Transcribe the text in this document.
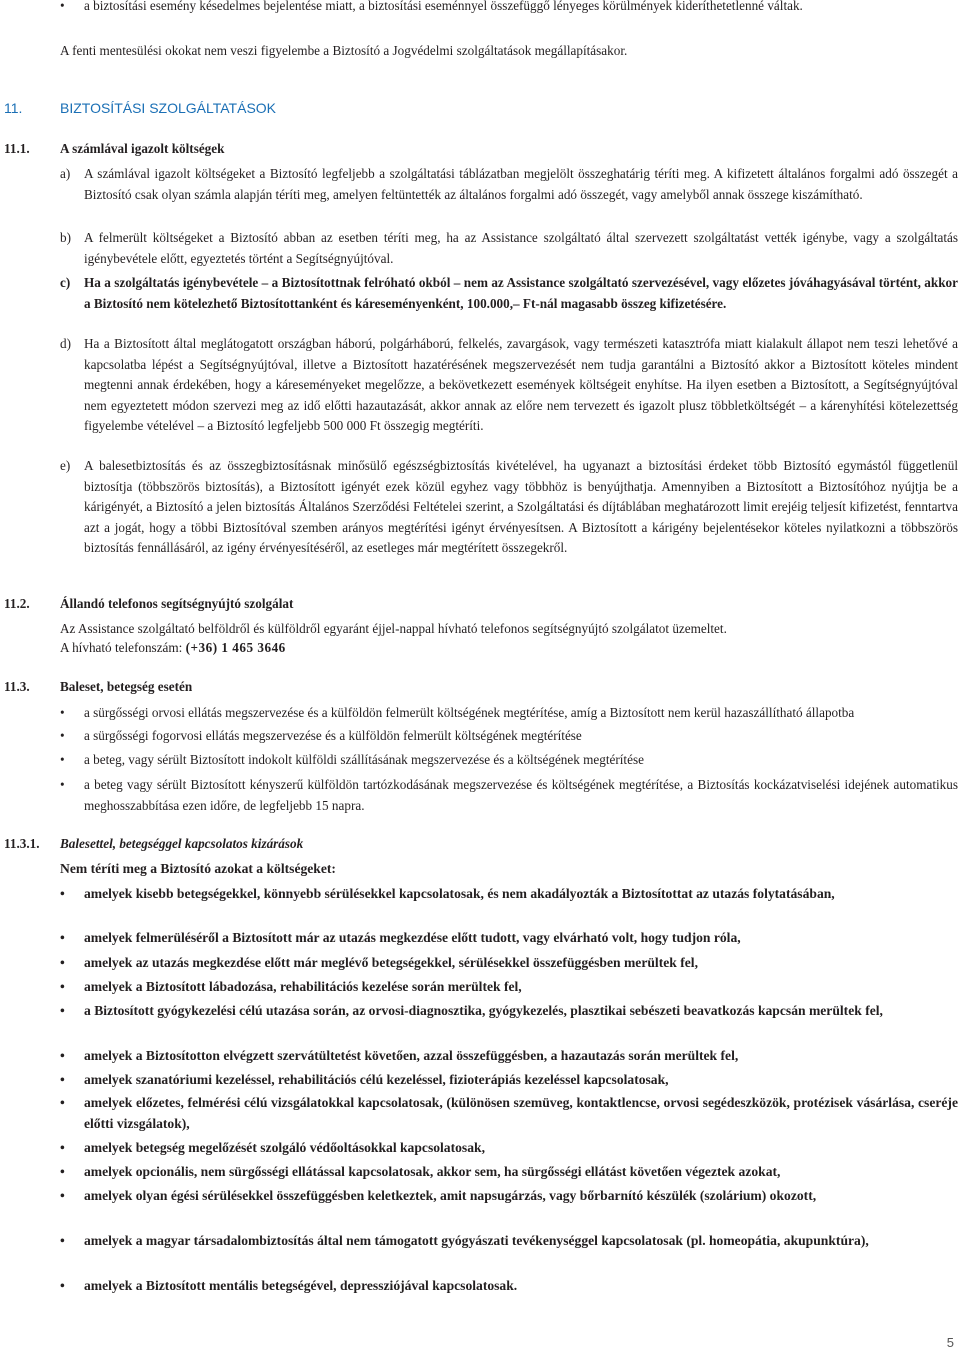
• a biztosítási esemény késedelmes bejelentése miatt, a biztosítási eseménnyel összefüggő lényeges körülmények kideríthetetlenné váltak.
A fenti mentesülési okokat nem veszi figyelembe a Biztosító a Jogvédelmi szolgáltatások megállapításakor.
11.	BIZTOSÍTÁSI SZOLGÁLTATÁSOK
11.1. A számlával igazolt költségek
a) A számlával igazolt költségeket a Biztosító legfeljebb a szolgáltatási táblázatban megjelölt összeghatárig téríti meg. A kifizetett általános forgalmi adó összegét a Biztosító csak olyan számla alapján téríti meg, amelyen feltüntették az általános forgalmi adó összegét, vagy amelyből annak összege kiszámítható.
b) A felmerült költségeket a Biztosító abban az esetben téríti meg, ha az Assistance szolgáltató által szervezett szolgáltatást vették igénybe, vagy a szolgáltatás igénybevétele előtt, egyeztetés történt a Segítségnyújtóval.
c) Ha a szolgáltatás igénybevétele – a Biztosítottnak felróható okból – nem az Assistance szolgáltató szervezésével, vagy előzetes jóváhagyásával történt, akkor a Biztosító nem kötelezhető Biztosítottanként és káreseményenként, 100.000,– Ft-nál magasabb összeg kifizetésére.
d) Ha a Biztosított által meglátogatott országban háború, polgárháború, felkelés, zavargások, vagy természeti katasztrófa miatt kialakult állapot nem teszi lehetővé a kapcsolatba lépést a Segítségnyújtóval, illetve a Biztosított hazatérésének megszervezését nem tudja garantálni a Biztosító akkor a Biztosított köteles mindent megtenni annak érdekében, hogy a káreseményeket megelőzze, a bekövetkezett események költségeit enyhítse. Ha ilyen esetben a Biztosított, a Segítségnyújtóval nem egyeztetett módon szervezi meg az idő előtti hazautazását, akkor annak az előre nem tervezett és igazolt plusz többletköltségét – a kárenyhítési kötelezettség figyelembe vételével – a Biztosító legfeljebb 500 000 Ft összegig megtéríti.
e) A balesetbiztosítás és az összegbiztosításnak minősülő egészségbiztosítás kivételével, ha ugyanazt a biztosítási érdeket több Biztosító egymástól függetlenül biztosítja (többszörös biztosítás), a Biztosított igényét ezek közül egyhez vagy többhöz is benyújthatja. Amennyiben a Biztosított a Biztosítóhoz nyújtja be a kárigényét, a Biztosító a jelen biztosítás Általános Szerződési Feltételei szerint, a Szolgáltatási és díjtáblában meghatározott limit erejéig teljesít kifizetést, fenntartva azt a jogát, hogy a többi Biztosítóval szemben arányos megtérítési igényt érvényesítsen. A Biztosított a kárigény bejelentésekor köteles nyilatkozni a többszörös biztosítás fennállásáról, az igény érvényesítéséről, az esetleges már megtérített összegekről.
11.2. Állandó telefonos segítségnyújtó szolgálat
Az Assistance szolgáltató belföldről és külföldről egyaránt éjjel-nappal hívható telefonos segítségnyújtó szolgálatot üzemeltet.
A hívható telefonszám: (+36) 1 465 3646
11.3. Baleset, betegség esetén
• a sürgősségi orvosi ellátás megszervezése és a külföldön felmerült költségének megtérítése, amíg a Biztosított nem kerül hazaszállítható állapotba
• a sürgősségi fogorvosi ellátás megszervezése és a külföldön felmerült költségének megtérítése
• a beteg, vagy sérült Biztosított indokolt külföldi szállításának megszervezése és a költségének megtérítése
• a beteg vagy sérült Biztosított kényszerű külföldön tartózkodásának megszervezése és költségének megtérítése, a Biztosítás kockázatviselési idejének automatikus meghosszabbítása ezen időre, de legfeljebb 15 napra.
11.3.1. Balesettel, betegséggel kapcsolatos kizárások
Nem téríti meg a Biztosító azokat a költségeket:
• amelyek kisebb betegségekkel, könnyebb sérülésekkel kapcsolatosak, és nem akadályozták a Biztosítottat az utazás folytatásában,
• amelyek felmerüléséről a Biztosított már az utazás megkezdése előtt tudott, vagy elvárható volt, hogy tudjon róla,
• amelyek az utazás megkezdése előtt már meglévő betegségekkel, sérülésekkel összefüggésben merültek fel,
• amelyek a Biztosított lábadozása, rehabilitációs kezelése során merültek fel,
• a Biztosított gyógykezelési célú utazása során, az orvosi-diagnosztika, gyógykezelés, plasztikai sebészeti beavatkozás kapcsán merültek fel,
• amelyek a Biztosítotton elvégzett szervátültetést követően, azzal összefüggésben, a hazautazás során merültek fel,
• amelyek szanatóriumi kezeléssel, rehabilitációs célú kezeléssel, fizioterápiás kezeléssel kapcsolatosak,
• amelyek előzetes, felmérési célú vizsgálatokkal kapcsolatosak, (különösen szemüveg, kontaktlencse, orvosi segédeszközök, protézisek vásárlása, cseréje előtti vizsgálatok),
• amelyek betegség megelőzését szolgáló védőoltásokkal kapcsolatosak,
• amelyek opcionális, nem sürgősségi ellátással kapcsolatosak, akkor sem, ha sürgősségi ellátást követően végeztek azokat,
• amelyek olyan égési sérülésekkel összefüggésben keletkeztek, amit napsugárzás, vagy bőrbarnító készülék (szolárium) okozott,
• amelyek a magyar társadalombiztosítás által nem támogatott gyógyászati tevékenységgel kapcsolatosak (pl. homeopátia, akupunktúra),
• amelyek a Biztosított mentális betegségével, depressziójával kapcsolatosak.
5
